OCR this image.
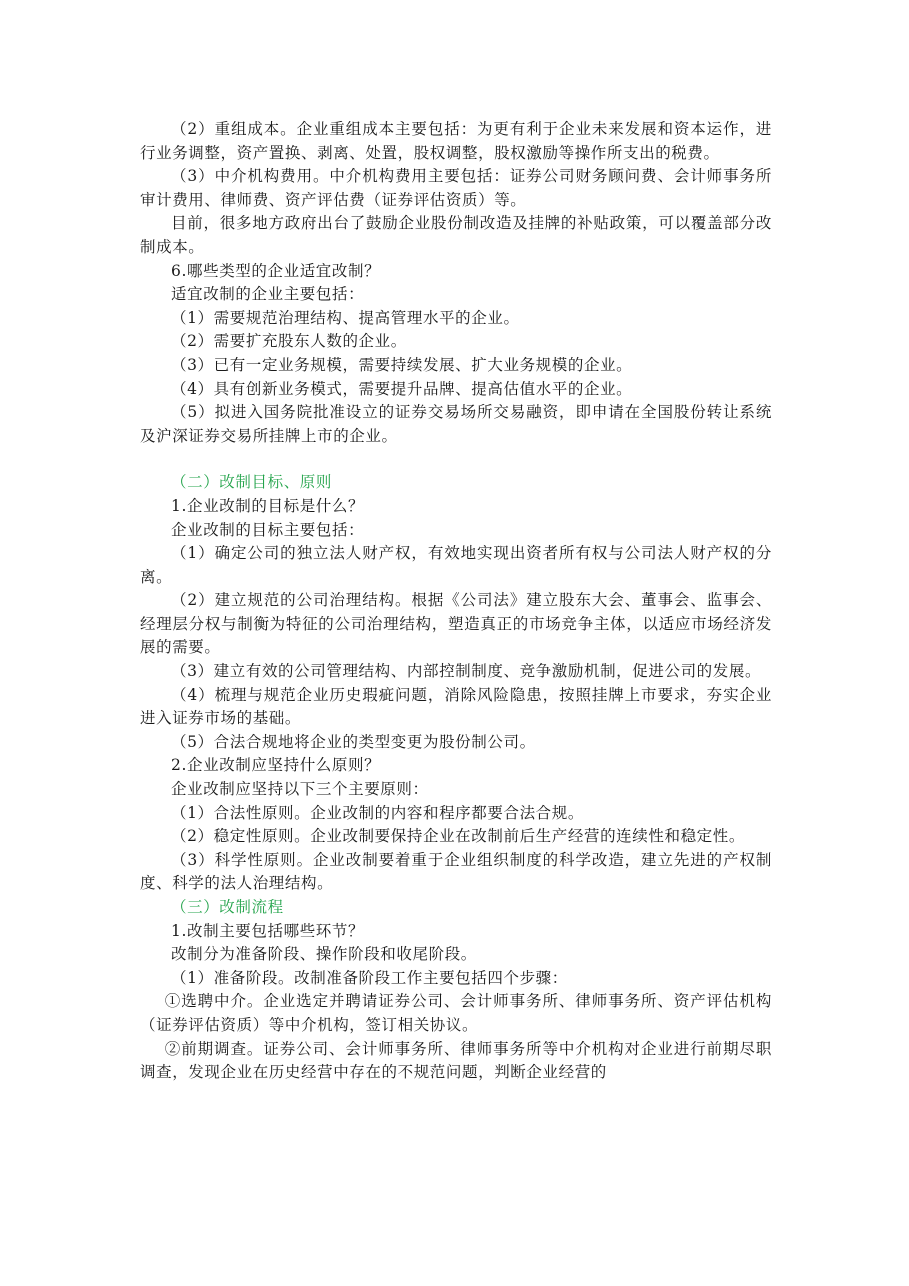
（2）重组成本。企业重组成本主要包括：为更有利于企业未来发展和资本运作，进行业务调整，资产置换、剥离、处置，股权调整，股权激励等操作所支出的税费。

（3）中介机构费用。中介机构费用主要包括：证券公司财务顾问费、会计师事务所审计费用、律师费、资产评估费（证券评估资质）等。

目前，很多地方政府出台了鼓励企业股份制改造及挂牌的补贴政策，可以覆盖部分改制成本。

6.哪些类型的企业适宜改制？

适宜改制的企业主要包括：

（1）需要规范治理结构、提高管理水平的企业。

（2）需要扩充股东人数的企业。

（3）已有一定业务规模，需要持续发展、扩大业务规模的企业。

（4）具有创新业务模式，需要提升品牌、提高估值水平的企业。

（5）拟进入国务院批准设立的证券交易场所交易融资，即申请在全国股份转让系统及沪深证券交易所挂牌上市的企业。

（二）改制目标、原则

1.企业改制的目标是什么？

企业改制的目标主要包括：

（1）确定公司的独立法人财产权，有效地实现出资者所有权与公司法人财产权的分离。

（2）建立规范的公司治理结构。根据《公司法》建立股东大会、董事会、监事会、经理层分权与制衡为特征的公司治理结构，塑造真正的市场竞争主体，以适应市场经济发展的需要。

（3）建立有效的公司管理结构、内部控制制度、竞争激励机制，促进公司的发展。

（4）梳理与规范企业历史瑕疵问题，消除风险隐患，按照挂牌上市要求，夯实企业进入证券市场的基础。

（5）合法合规地将企业的类型变更为股份制公司。

2.企业改制应坚持什么原则？

企业改制应坚持以下三个主要原则：

（1）合法性原则。企业改制的内容和程序都要合法合规。

（2）稳定性原则。企业改制要保持企业在改制前后生产经营的连续性和稳定性。

（3）科学性原则。企业改制要着重于企业组织制度的科学改造，建立先进的产权制度、科学的法人治理结构。

（三）改制流程

1.改制主要包括哪些环节？

改制分为准备阶段、操作阶段和收尾阶段。

（1）准备阶段。改制准备阶段工作主要包括四个步骤：

①选聘中介。企业选定并聘请证券公司、会计师事务所、律师事务所、资产评估机构（证券评估资质）等中介机构，签订相关协议。

②前期调查。证券公司、会计师事务所、律师事务所等中介机构对企业进行前期尽职调查，发现企业在历史经营中存在的不规范问题，判断企业经营的
